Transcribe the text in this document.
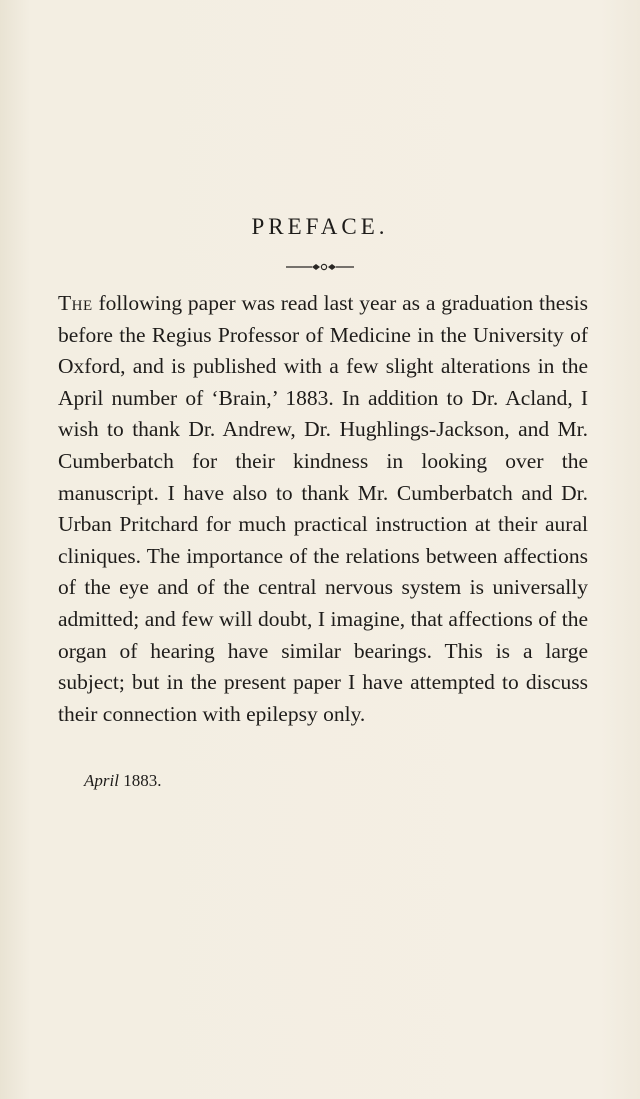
PREFACE.

The following paper was read last year as a graduation thesis before the Regius Professor of Medicine in the University of Oxford, and is published with a few slight alterations in the April number of ‘Brain,’ 1883. In addition to Dr. Acland, I wish to thank Dr. Andrew, Dr. Hughlings-Jackson, and Mr. Cumberbatch for their kindness in looking over the manuscript. I have also to thank Mr. Cumberbatch and Dr. Urban Pritchard for much practical instruction at their aural cliniques. The importance of the relations between affections of the eye and of the central nervous system is universally admitted; and few will doubt, I imagine, that affections of the organ of hearing have similar bearings. This is a large subject; but in the present paper I have attempted to discuss their connection with epilepsy only.

April 1883.
